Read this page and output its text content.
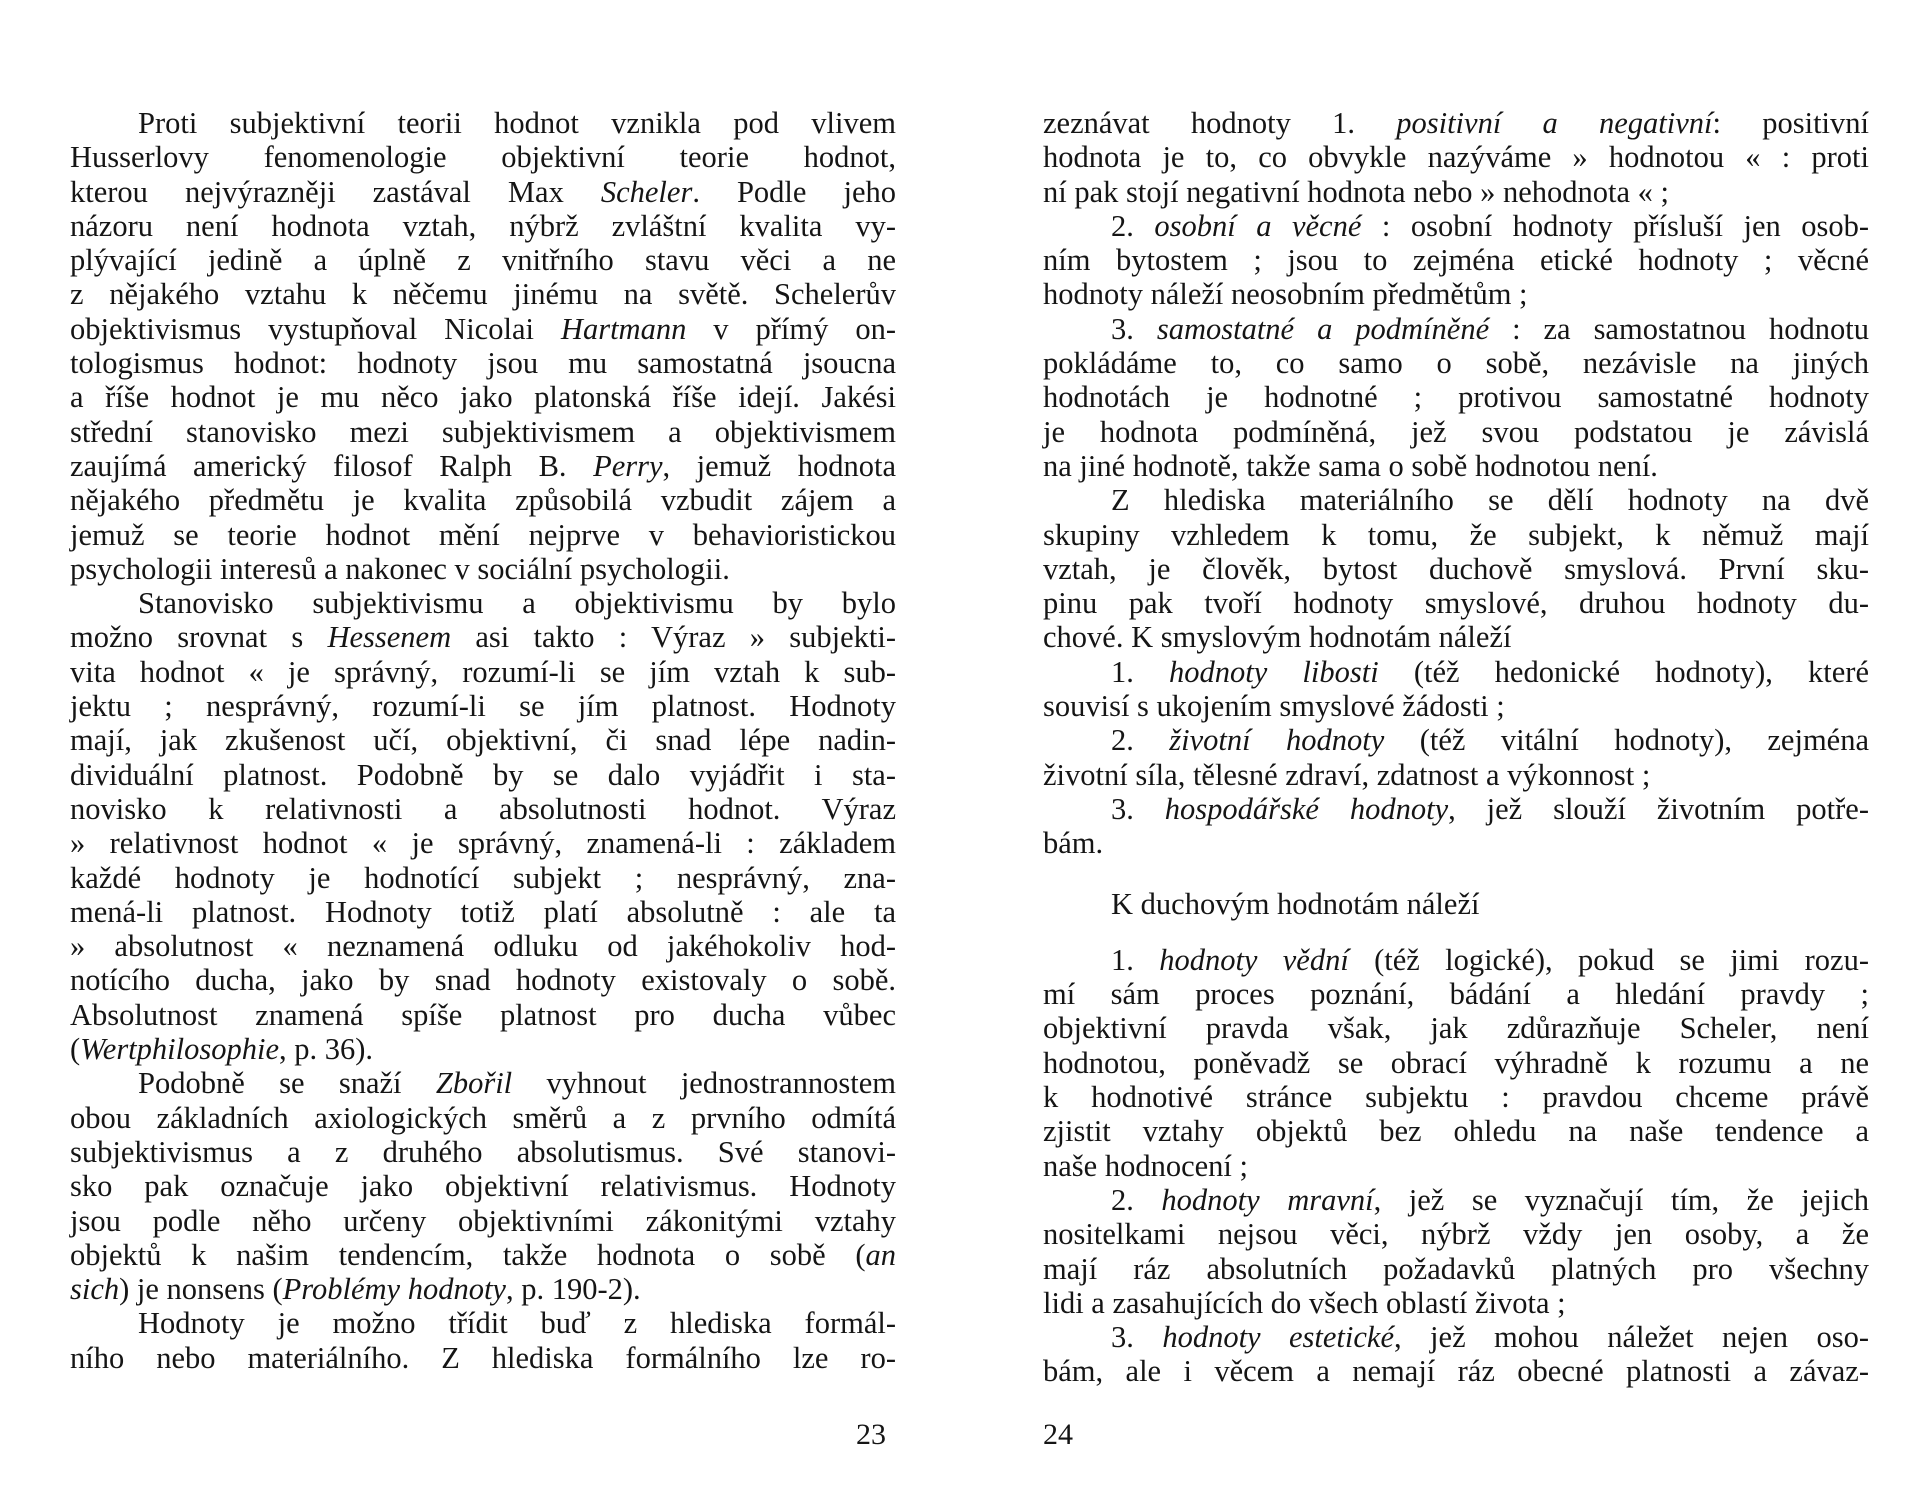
Proti subjektivní teorii hodnot vznikla pod vlivem
Husserlovy fenomenologie objektivní teorie hodnot,
kterou nejvýrazněji zastával Max Scheler. Podle jeho
názoru není hodnota vztah, nýbrž zvláštní kvalita vy-
plývající jedině a úplně z vnitřního stavu věci a ne
z nějakého vztahu k něčemu jinému na světě. Schelerův
objektivismus vystupňoval Nicolai Hartmann v přímý on-
tologismus hodnot: hodnoty jsou mu samostatná jsoucna
a říše hodnot je mu něco jako platonská říše idejí. Jakési
střední stanovisko mezi subjektivismem a objektivismem
zaujímá americký filosof Ralph B. Perry, jemuž hodnota
nějakého předmětu je kvalita způsobilá vzbudit zájem a
jemuž se teorie hodnot mění nejprve v behavioristickou
psychologii interesů a nakonec v sociální psychologii.
Stanovisko subjektivismu a objektivismu by bylo
možno srovnat s Hessenem asi takto : Výraz » subjekti-
vita hodnot « je správný, rozumí-li se jím vztah k sub-
jektu ; nesprávný, rozumí-li se jím platnost. Hodnoty
mají, jak zkušenost učí, objektivní, či snad lépe nadin-
dividuální platnost. Podobně by se dalo vyjádřit i sta-
novisko k relativnosti a absolutnosti hodnot. Výraz
» relativnost hodnot « je správný, znamená-li : základem
každé hodnoty je hodnotící subjekt ; nesprávný, zna-
mená-li platnost. Hodnoty totiž platí absolutně : ale ta
» absolutnost « neznamená odluku od jakéhokoliv hod-
notícího ducha, jako by snad hodnoty existovaly o sobě.
Absolutnost znamená spíše platnost pro ducha vůbec
(Wertphilosophie, p. 36).
Podobně se snaží Zbořil vyhnout jednostrannostem
obou základních axiologických směrů a z prvního odmítá
subjektivismus a z druhého absolutismus. Své stanovi-
sko pak označuje jako objektivní relativismus. Hodnoty
jsou podle něho určeny objektivními zákonitými vztahy
objektů k našim tendencím, takže hodnota o sobě (an
sich) je nonsens (Problémy hodnoty, p. 190-2).
Hodnoty je možno třídit buď z hlediska formál-
ního nebo materiálního. Z hlediska formálního lze ro-
23
zeznávat hodnoty 1. positivní a negativní: positivní
hodnota je to, co obvykle nazýváme » hodnotou « : proti
ní pak stojí negativní hodnota nebo » nehodnota « ;
2. osobní a věcné : osobní hodnoty přísluší jen osob-
ním bytostem ; jsou to zejména etické hodnoty ; věcné
hodnoty náleží neosobním předmětům ;
3. samostatné a podmíněné : za samostatnou hodnotu
pokládáme to, co samo o sobě, nezávisle na jiných
hodnotách je hodnotné ; protivou samostatné hodnoty
je hodnota podmíněná, jež svou podstatou je závislá
na jiné hodnotě, takže sama o sobě hodnotou není.
Z hlediska materiálního se dělí hodnoty na dvě
skupiny vzhledem k tomu, že subjekt, k němuž mají
vztah, je člověk, bytost duchově smyslová. První sku-
pinu pak tvoří hodnoty smyslové, druhou hodnoty du-
chové. K smyslovým hodnotám náleží
1. hodnoty libosti (též hedonické hodnoty), které
souvisí s ukojením smyslové žádosti ;
2. životní hodnoty (též vitální hodnoty), zejména
životní síla, tělesné zdraví, zdatnost a výkonnost ;
3. hospodářské hodnoty, jež slouží životním potře-
bám.
K duchovým hodnotám náleží
1. hodnoty vědní (též logické), pokud se jimi rozu-
mí sám proces poznání, bádání a hledání pravdy ;
objektivní pravda však, jak zdůrazňuje Scheler, není
hodnotou, poněvadž se obrací výhradně k rozumu a ne
k hodnotivé stránce subjektu : pravdou chceme právě
zjistit vztahy objektů bez ohledu na naše tendence a
naše hodnocení ;
2. hodnoty mravní, jež se vyznačují tím, že jejich
nositelkami nejsou věci, nýbrž vždy jen osoby, a že
mají ráz absolutních požadavků platných pro všechny
lidi a zasahujících do všech oblastí života ;
3. hodnoty estetické, jež mohou náležet nejen oso-
bám, ale i věcem a nemají ráz obecné platnosti a závaz-
24
